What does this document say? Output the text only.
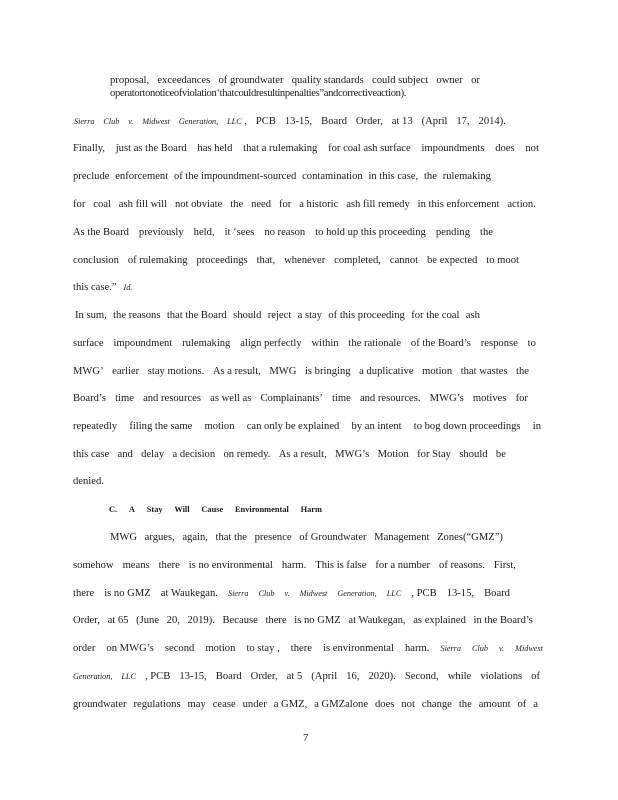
proposal, exceedances of groundwater quality standards could subject owner or
operatortonoticeofviolation‘thatcouldresultinpenalties”andcorrectiveaction).
Sierra Club v. Midwest Generation, LLC , PCB 13-15, Board Order, at 13 (April 17, 2014).
Finally, just as the Board has held that a rulemaking for coal ash surface impoundments does not
preclude enforcement of the impoundment-sourced contamination in this case, the rulemaking
for coal ash fill will not obviate the need for a historic ash fill remedy in this enforcement action.
As the Board previously held, it ‘sees no reason to hold up this proceeding pending the
conclusion of rulemaking proceedings that, whenever completed, cannot be expected to moot
this case.” Id.
In sum, the reasons that the Board should reject a stay of this proceeding for the coal ash
surface impoundment rulemaking align perfectly within the rationale of the Board’s response to
MWG’ earlier stay motions. As a result, MWG is bringing a duplicative motion that wastes the
Board’s time and resources as well as Complainants’ time and resources. MWG’s motives for
repeatedly filing the same motion can only be explained by an intent to bog down proceedings in
this case and delay a decision on remedy. As a result, MWG’s Motion for Stay should be
denied.
C. A Stay Will Cause Environmental Harm
MWG argues, again, that the presence of Groundwater Management Zones(“GMZ”)
somehow means there is no environmental harm. This is false for a number of reasons. First,
there is no GMZ at Waukegan. Sierra Club v. Midwest Generation, LLC , PCB 13-15, Board
Order, at 65 (June 20, 2019). Because there is no GMZ at Waukegan, as explained in the Board’s
order on MWG’s second motion to stay , there is environmental harm. Sierra Club v. Midwest
Generation, LLC , PCB 13-15, Board Order, at 5 (April 16, 2020). Second, while violations of
groundwater regulations may cease under a GMZ, a GMZalone does not change the amount of a
7
